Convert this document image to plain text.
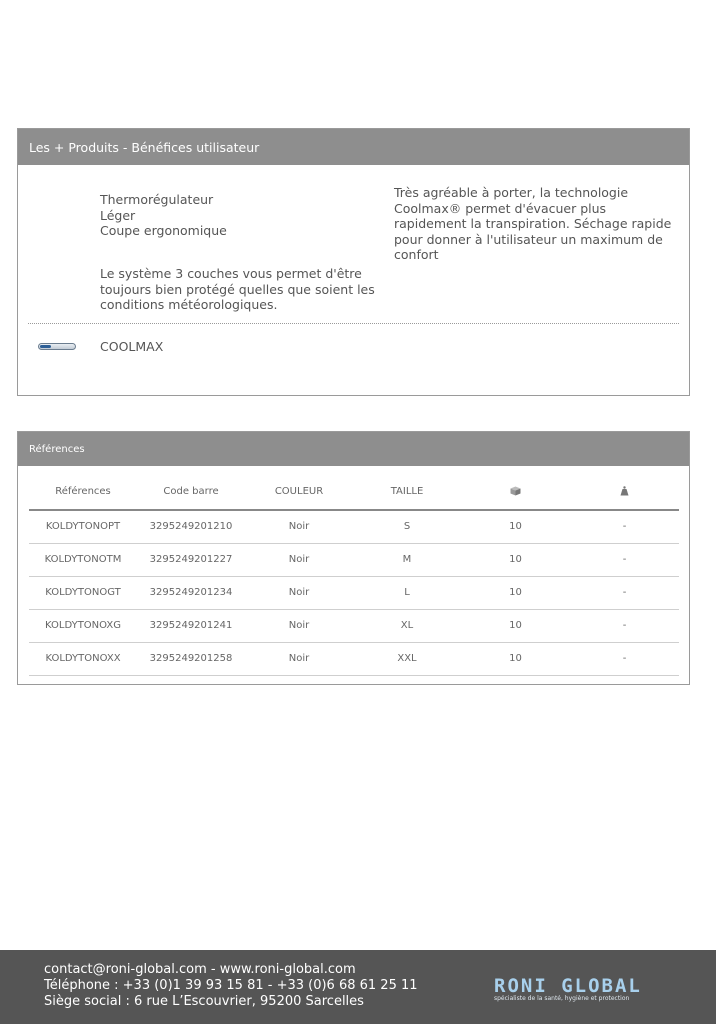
Les + Produits - Bénéfices utilisateur
Thermorégulateur
Léger
Coupe ergonomique
Le système 3 couches vous permet d'être toujours bien protégé quelles que soient les conditions météorologiques.
Très agréable à porter, la technologie Coolmax® permet d'évacuer plus rapidement la transpiration. Séchage rapide pour donner à l'utilisateur un maximum de confort
COOLMAX
Références
Références	Code barre	COULEUR	TAILLE		
KOLDYTONOPT	3295249201210	Noir	S	10	-
KOLDYTONOTM	3295249201227	Noir	M	10	-
KOLDYTONOGT	3295249201234	Noir	L	10	-
KOLDYTONOXG	3295249201241	Noir	XL	10	-
KOLDYTONOXX	3295249201258	Noir	XXL	10	-
contact@roni-global.com - www.roni-global.com
Téléphone : +33 (0)1 39 93 15 81 - +33 (0)6 68 61 25 11
Siège social : 6 rue L’Escouvrier, 95200 Sarcelles
RONI GLOBAL
spécialiste de la santé, hygiène et protection
